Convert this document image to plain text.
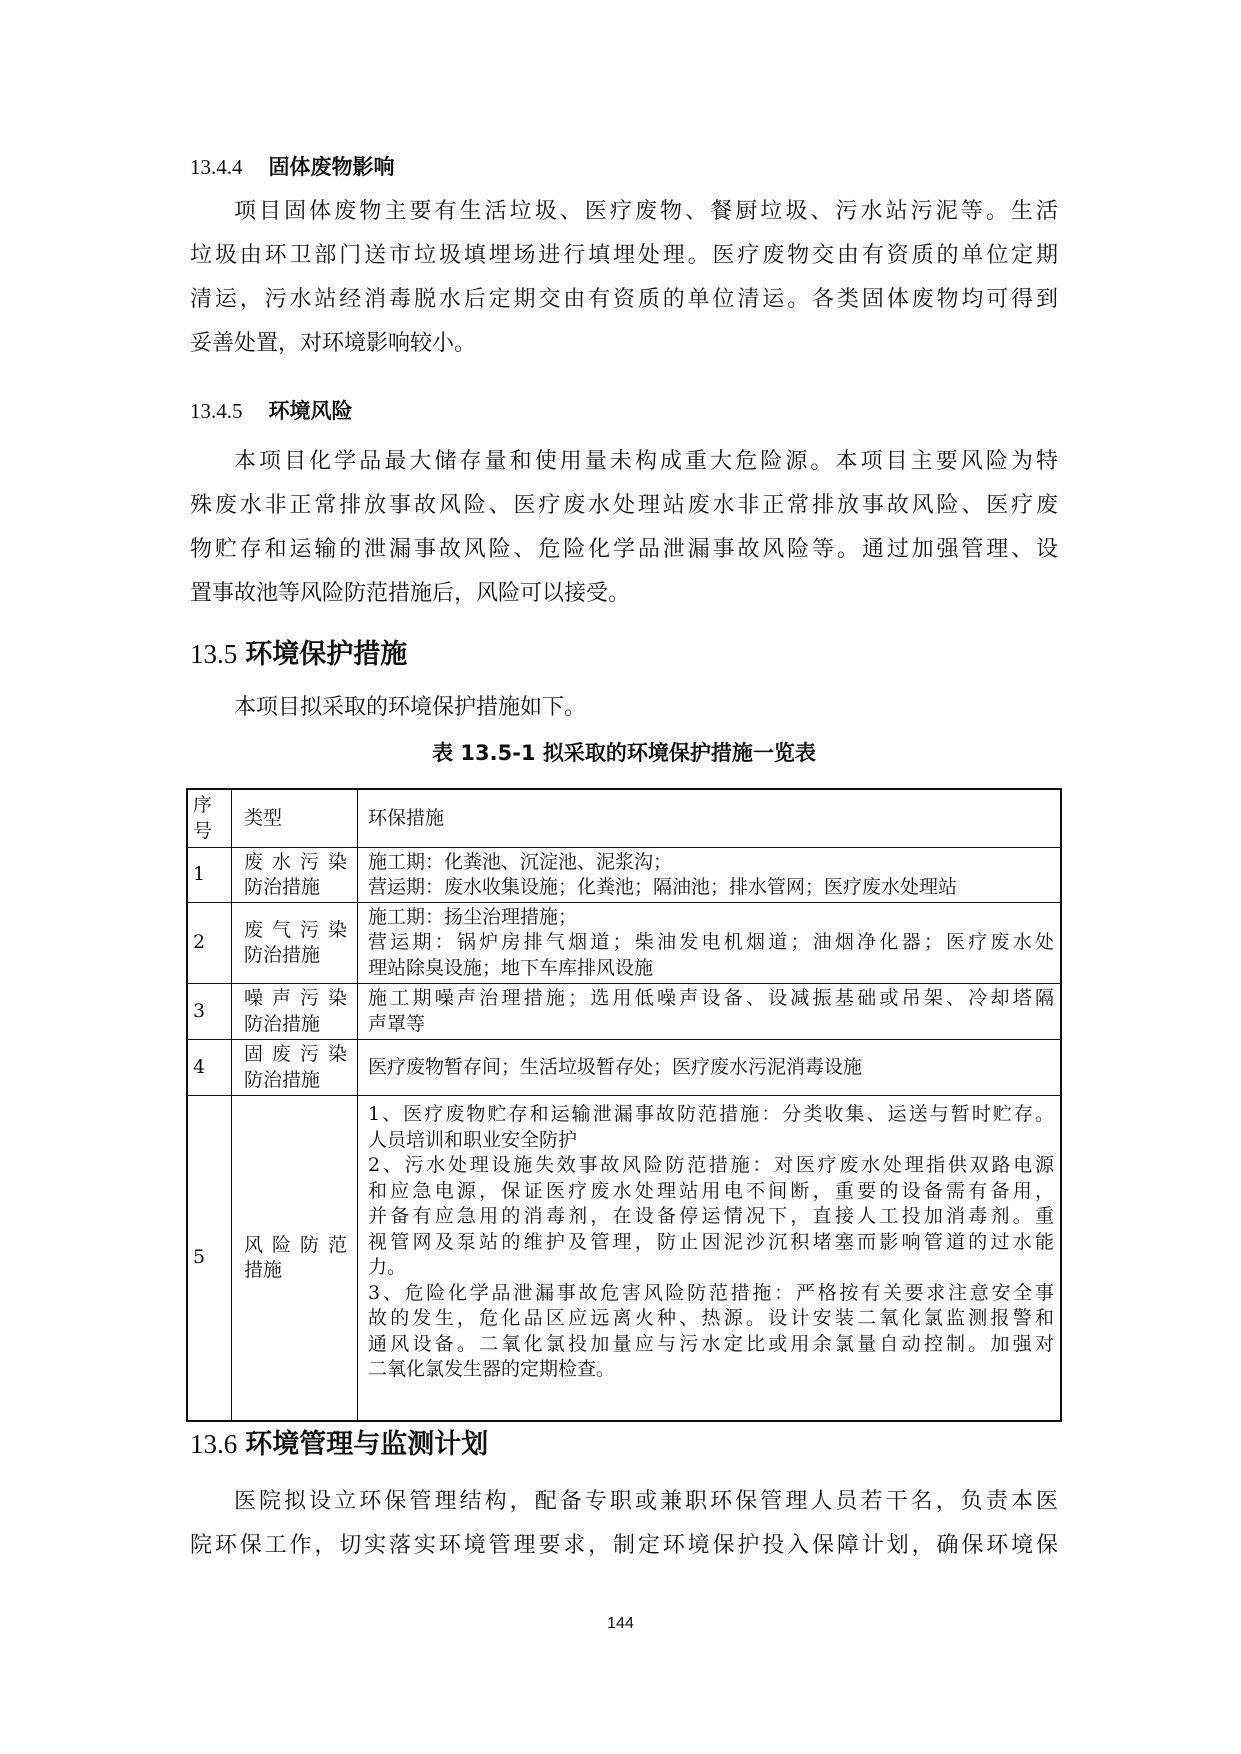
13.4.4 固体废物影响
项目固体废物主要有生活垃圾、医疗废物、餐厨垃圾、污水站污泥等。生活
垃圾由环卫部门送市垃圾填埋场进行填埋处理。医疗废物交由有资质的单位定期
清运，污水站经消毒脱水后定期交由有资质的单位清运。各类固体废物均可得到
妥善处置，对环境影响较小。
13.4.5 环境风险
本项目化学品最大储存量和使用量未构成重大危险源。本项目主要风险为特
殊废水非正常排放事故风险、医疗废水处理站废水非正常排放事故风险、医疗废
物贮存和运输的泄漏事故风险、危险化学品泄漏事故风险等。通过加强管理、设
置事故池等风险防范措施后，风险可以接受。
13.5 环境保护措施
本项目拟采取的环境保护措施如下。
表 13.5-1 拟采取的环境保护措施一览表
序
号
类型	环保措施
1
废水污染
防治措施
施工期：化粪池、沉淀池、泥浆沟；
营运期：废水收集设施；化粪池；隔油池；排水管网；医疗废水处理站
2
废气污染
防治措施
施工期：扬尘治理措施；
营运期：锅炉房排气烟道；柴油发电机烟道；油烟净化器；医疗废水处
理站除臭设施；地下车库排风设施
3
噪声污染
防治措施
施工期噪声治理措施；选用低噪声设备、设减振基础或吊架、冷却塔隔
声罩等
4
固废污染
防治措施
医疗废物暂存间；生活垃圾暂存处；医疗废水污泥消毒设施
5
风险防范
措施
1、医疗废物贮存和运输泄漏事故防范措施：分类收集、运送与暂时贮存。
人员培训和职业安全防护
2、污水处理设施失效事故风险防范措施：对医疗废水处理指供双路电源
和应急电源，保证医疗废水处理站用电不间断，重要的设备需有备用，
并备有应急用的消毒剂，在设备停运情况下，直接人工投加消毒剂。重
视管网及泵站的维护及管理，防止因泥沙沉积堵塞而影响管道的过水能
力。
3、危险化学品泄漏事故危害风险防范措拖：严格按有关要求注意安全事
故的发生，危化品区应远离火种、热源。设计安装二氧化氯监测报警和
通风设备。二氧化氯投加量应与污水定比或用余氯量自动控制。加强对
二氧化氯发生器的定期检查。
13.6 环境管理与监测计划
医院拟设立环保管理结构，配备专职或兼职环保管理人员若干名，负责本医
院环保工作，切实落实环境管理要求，制定环境保护投入保障计划，确保环境保
144
